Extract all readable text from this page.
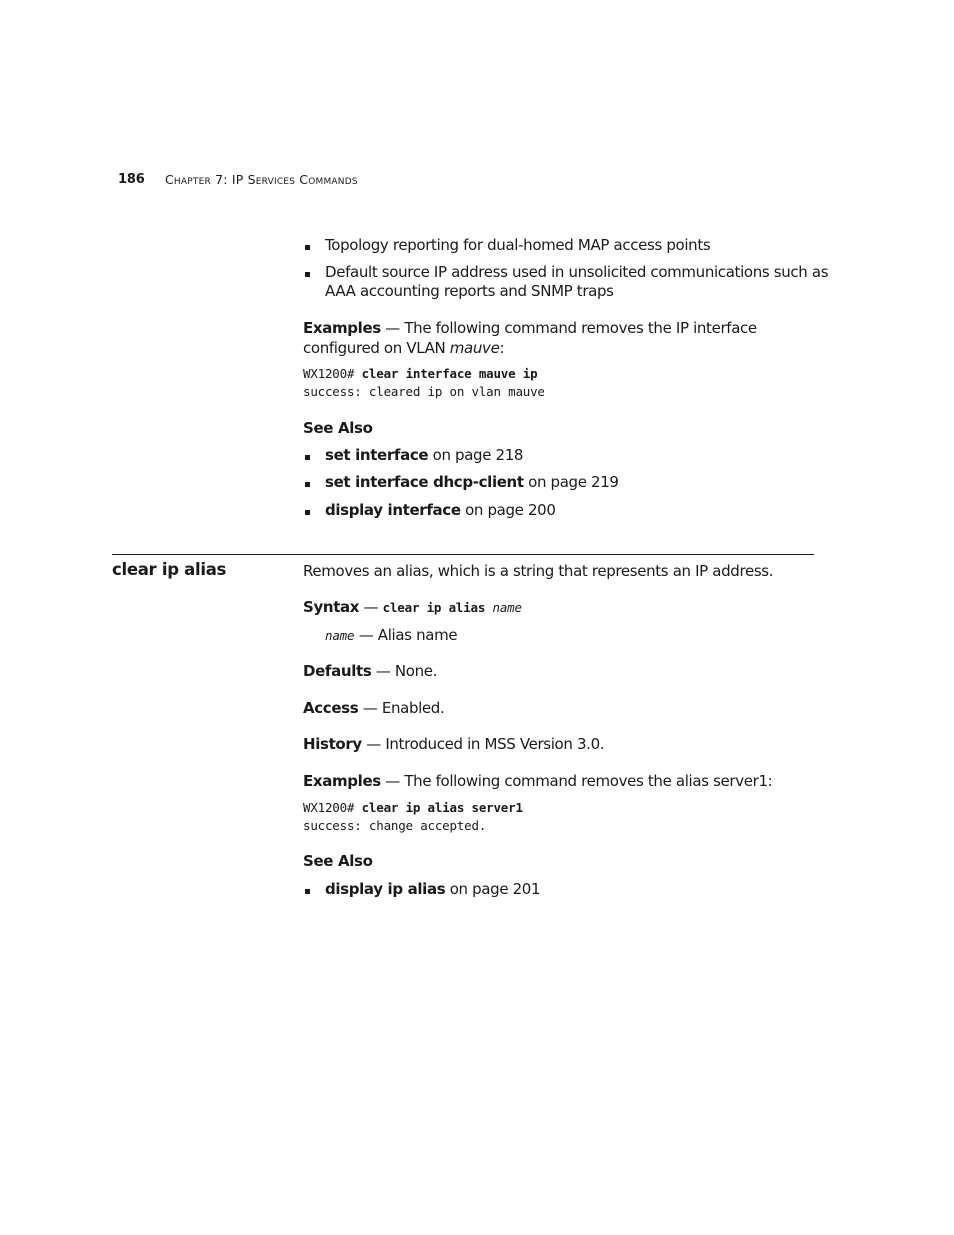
186 Chapter 7: IP Services Commands
Topology reporting for dual-homed MAP access points
Default source IP address used in unsolicited communications such as
AAA accounting reports and SNMP traps
Examples — The following command removes the IP interface
configured on VLAN mauve:
WX1200# clear interface mauve ip
success: cleared ip on vlan mauve
See Also
set interface on page 218
set interface dhcp-client on page 219
display interface on page 200
clear ip alias	Removes an alias, which is a string that represents an IP address.
Syntax — clear ip alias name
name — Alias name
Defaults — None.
Access — Enabled.
History — Introduced in MSS Version 3.0.
Examples — The following command removes the alias server1:
WX1200# clear ip alias server1
success: change accepted.
See Also
display ip alias on page 201
